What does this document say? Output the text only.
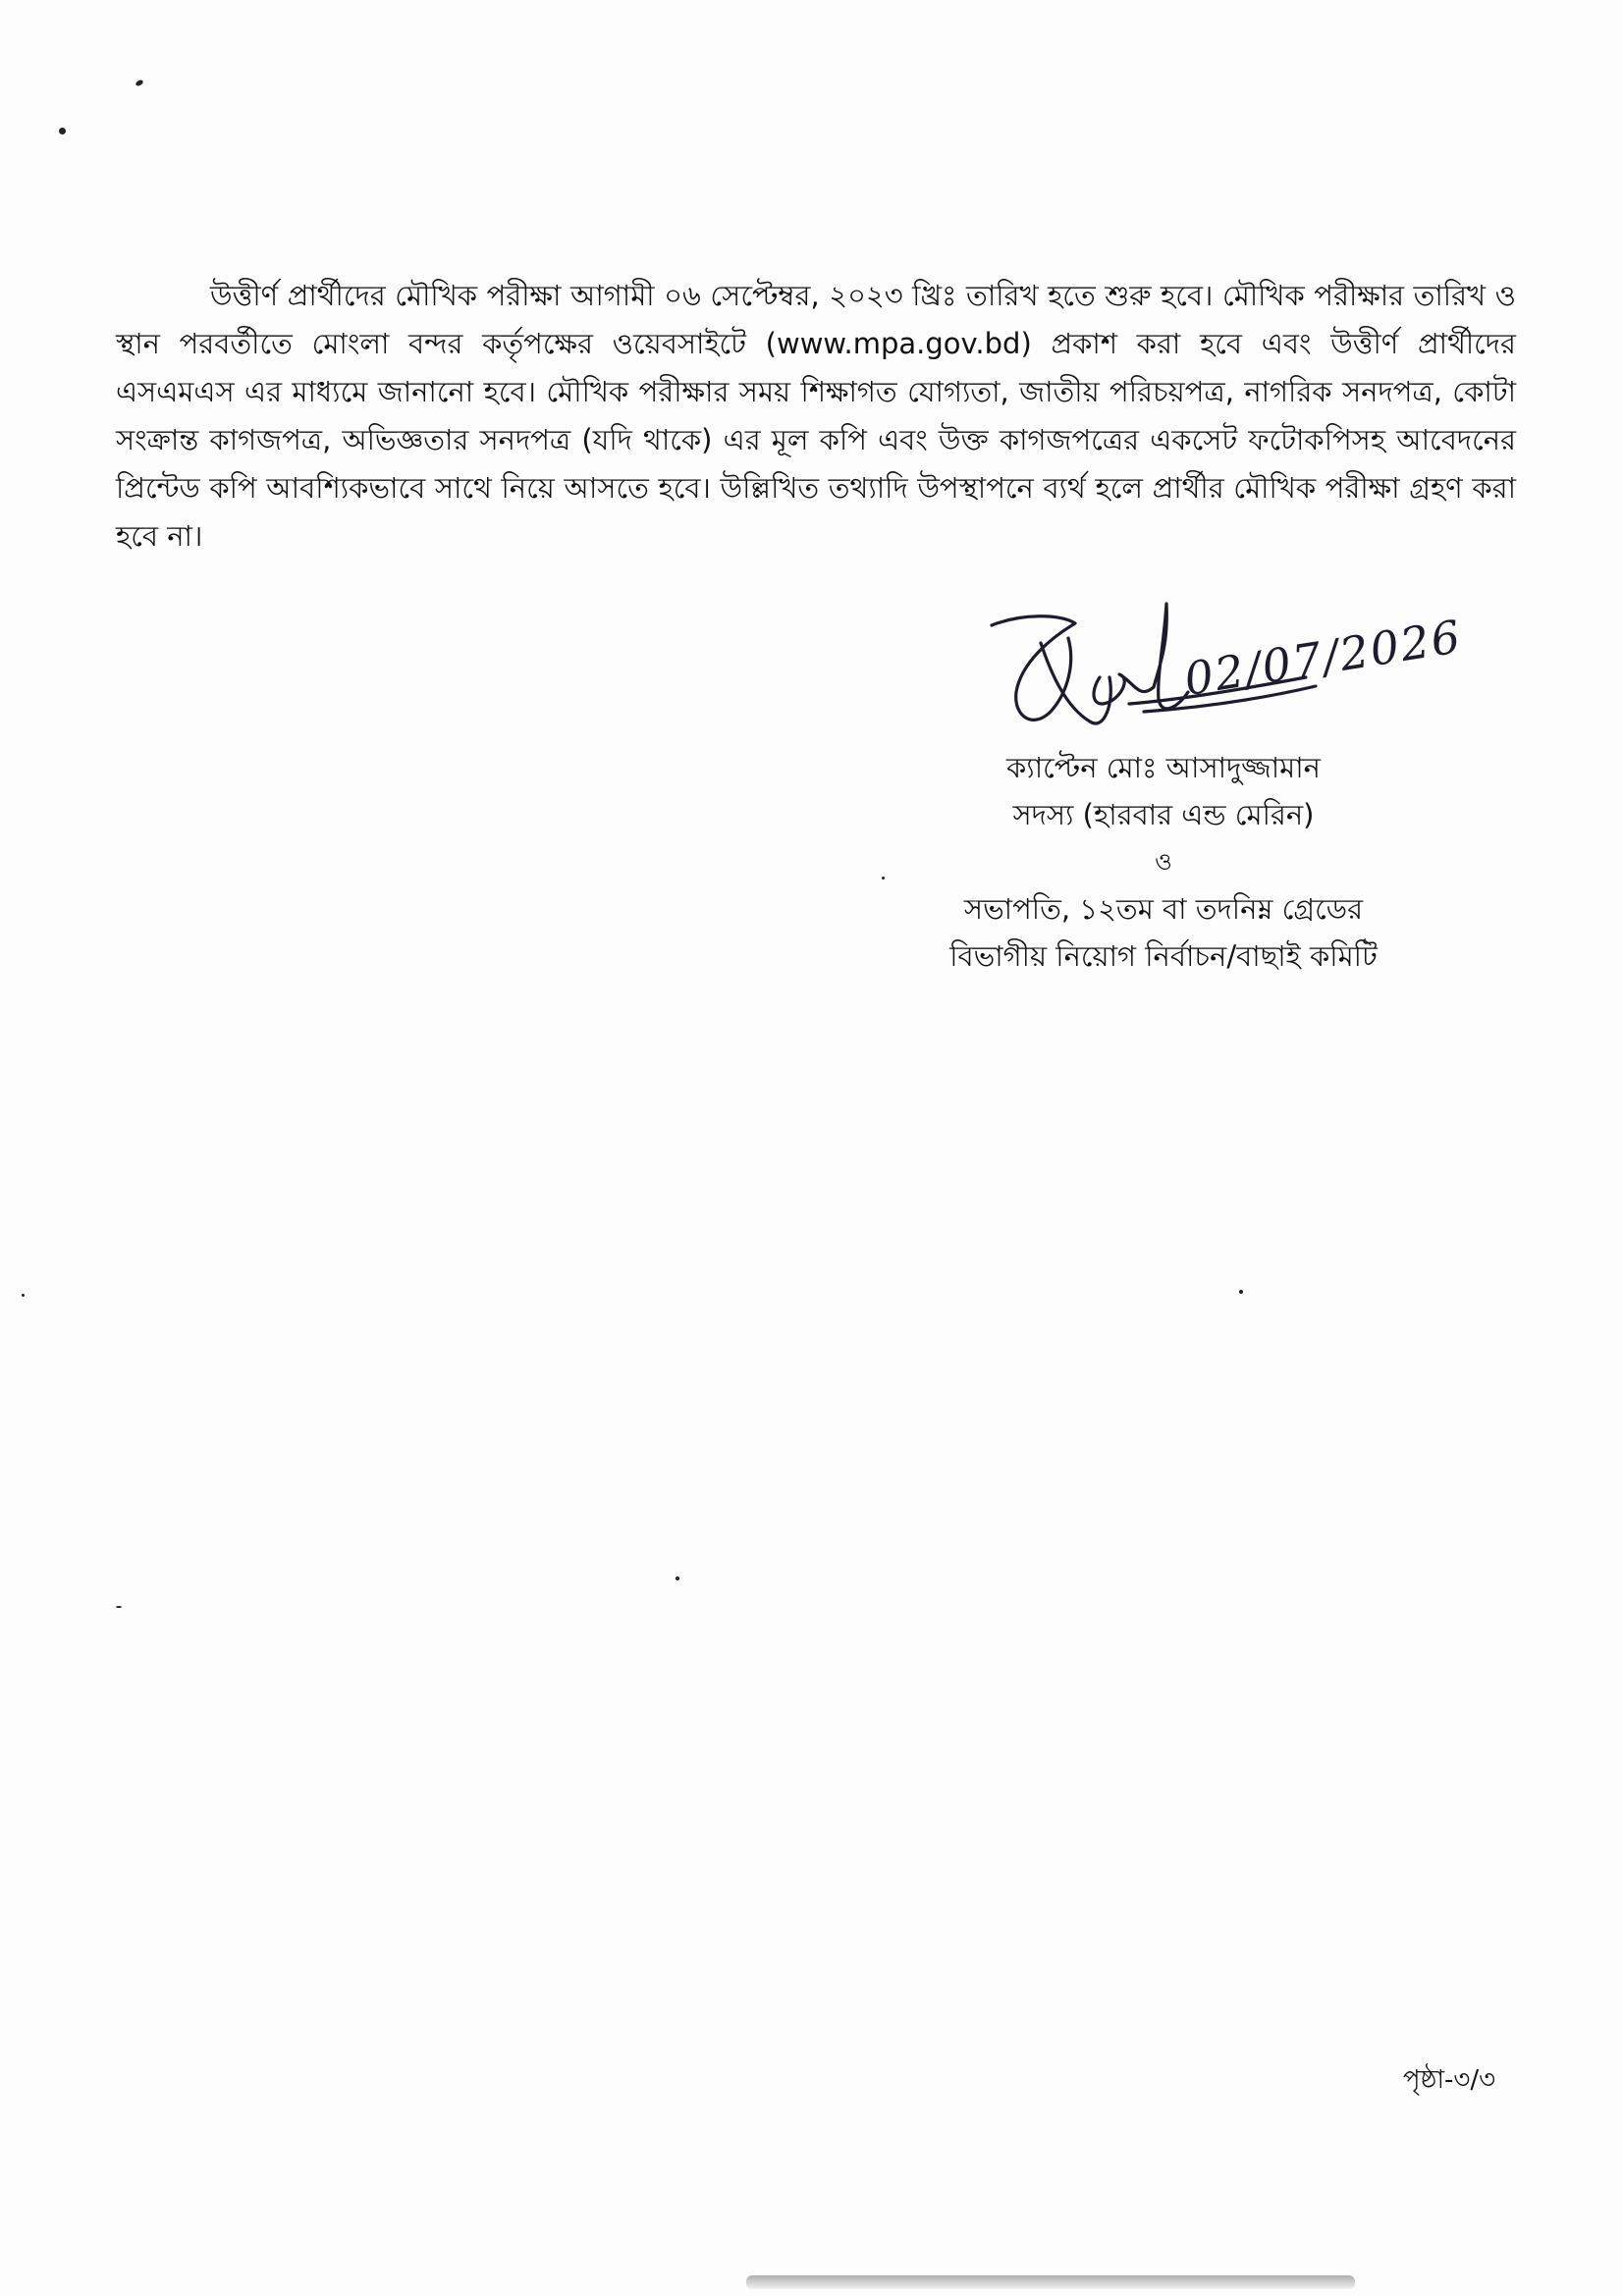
উত্তীর্ণ প্রার্থীদের মৌখিক পরীক্ষা আগামী ০৬ সেপ্টেম্বর, ২০২৩ খ্রিঃ তারিখ হতে শুরু হবে। মৌখিক পরীক্ষার তারিখ ও স্থান পরবর্তীতে মোংলা বন্দর কর্তৃপক্ষের ওয়েবসাইটে (www.mpa.gov.bd) প্রকাশ করা হবে এবং উত্তীর্ণ প্রার্থীদের এসএমএস এর মাধ্যমে জানানো হবে। মৌখিক পরীক্ষার সময় শিক্ষাগত যোগ্যতা, জাতীয় পরিচয়পত্র, নাগরিক সনদপত্র, কোটা সংক্রান্ত কাগজপত্র, অভিজ্ঞতার সনদপত্র (যদি থাকে) এর মূল কপি এবং উক্ত কাগজপত্রের একসেট ফটোকপিসহ আবেদনের প্রিন্টেড কপি আবশ্যিকভাবে সাথে নিয়ে আসতে হবে। উল্লিখিত তথ্যাদি উপস্থাপনে ব্যর্থ হলে প্রার্থীর মৌখিক পরীক্ষা গ্রহণ করা হবে না।

02/07/2026
ক্যাপ্টেন মোঃ আসাদুজ্জামান
সদস্য (হারবার এন্ড মেরিন)
ও
সভাপতি, ১২তম বা তদনিম্ন গ্রেডের
বিভাগীয় নিয়োগ নির্বাচন/বাছাই কমিটি
পৃষ্ঠা-৩/৩
